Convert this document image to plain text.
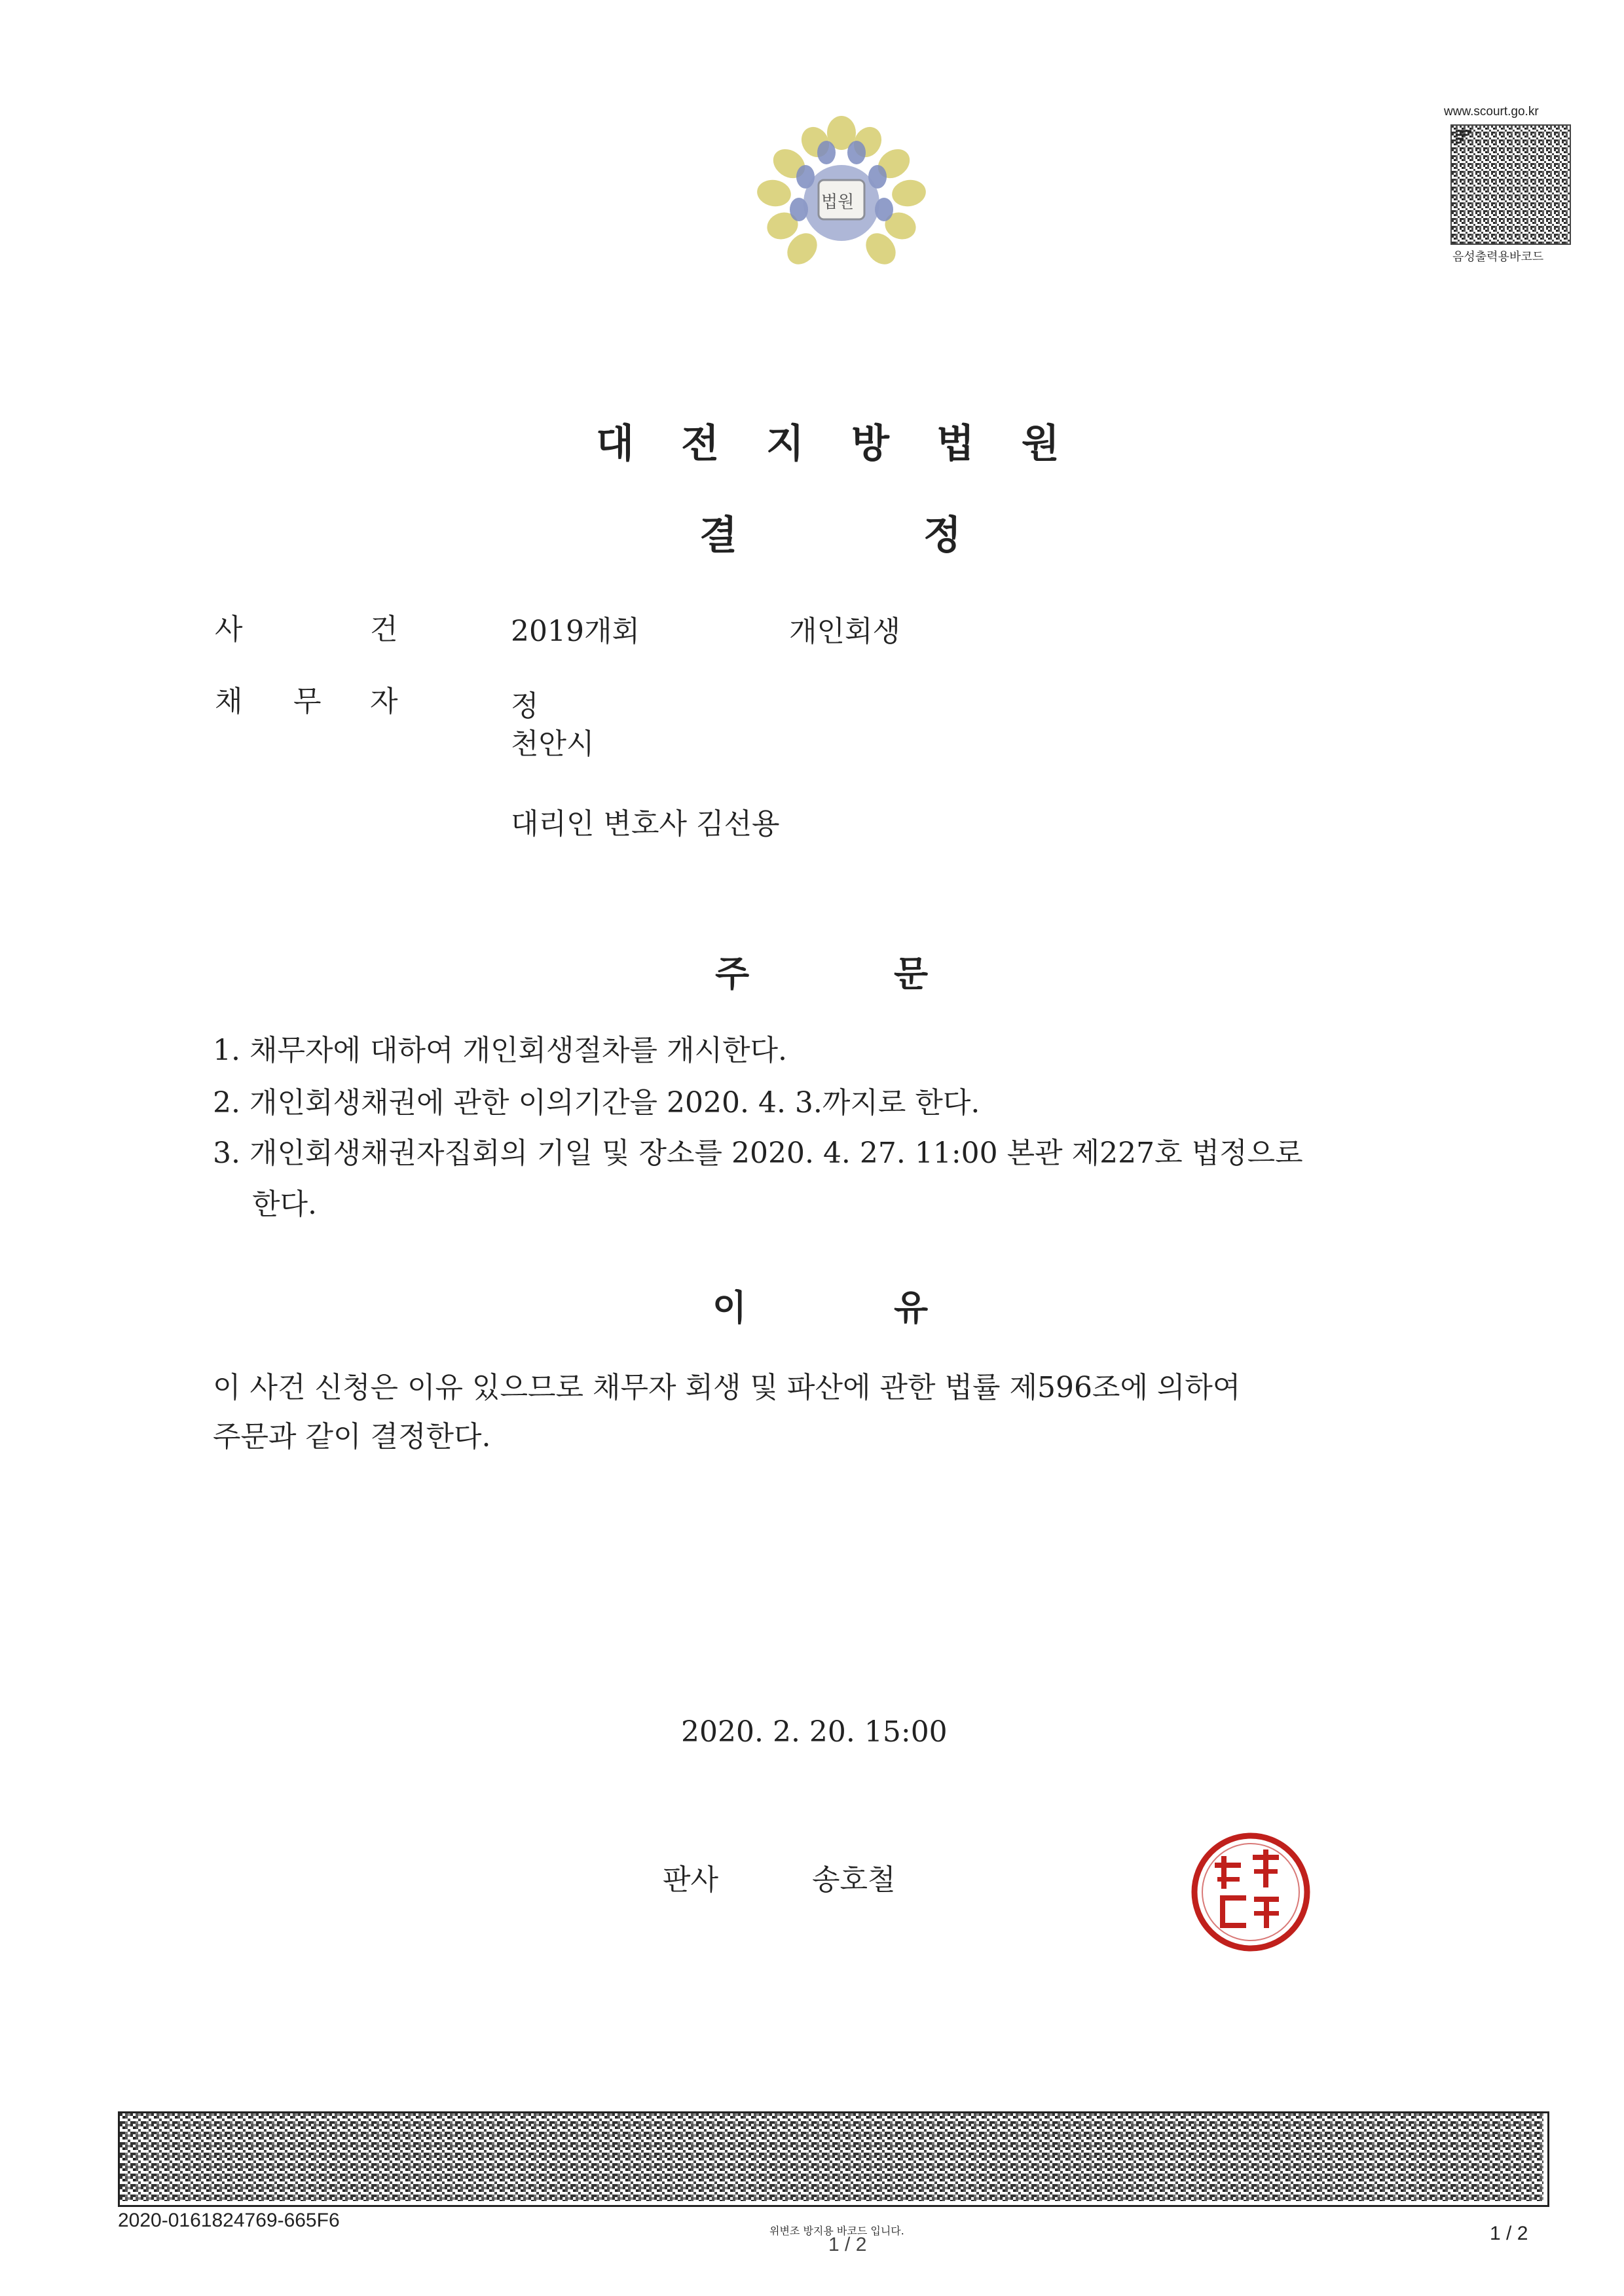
법원
www.scourt.go.kr
음성출력용바코드
대전지방법원
결	정
사	건	2019개회	개인회생
채 무 자	정
천안시
대리인 변호사 김선용
주	문
1. 채무자에 대하여 개인회생절차를 개시한다.
2. 개인회생채권에 관한 이의기간을 2020. 4. 3.까지로 한다.
3. 개인회생채권자집회의 기일 및 장소를 2020. 4. 27. 11:00 본관 제227호 법정으로
한다.
이	유
이 사건 신청은 이유 있으므로 채무자 회생 및 파산에 관한 법률 제596조에 의하여
주문과 같이 결정한다.
2020. 2. 20. 15:00
판사	송호철
2020-0161824769-665F6	위변조 방지용 바코드 입니다.
1 / 2
1 / 2
